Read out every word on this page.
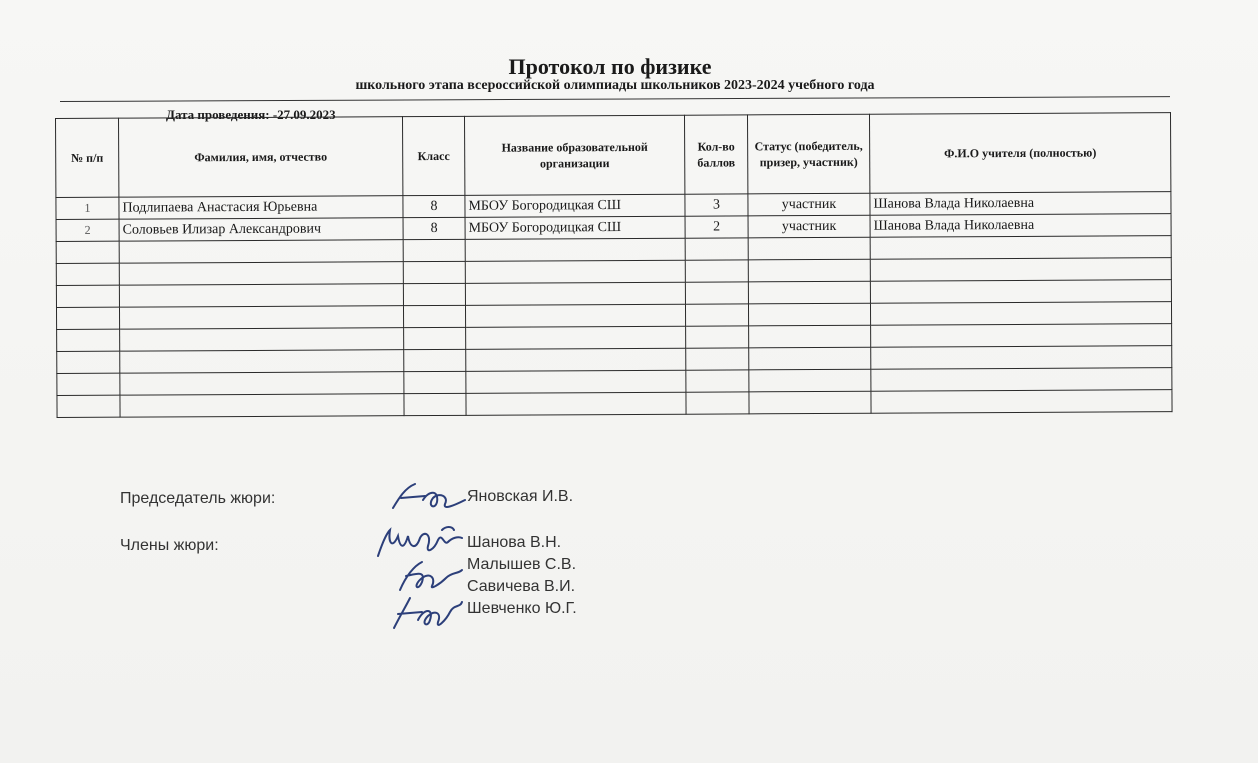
Протокол по физике
школьного этапа всероссийской олимпиады школьников 2023-2024 учебного года
Дата проведения: -27.09.2023
№ п/п	Фамилия, имя, отчество	Класс	Название образовательной организации	Кол-во баллов	Статус (победитель, призер, участник)	Ф.И.О учителя (полностью)
1	Подлипаева Анастасия Юрьевна	8	МБОУ Богородицкая СШ	3	участник	Шанова Влада Николаевна
2	Соловьев Илизар Александрович	8	МБОУ Богородицкая СШ	2	участник	Шанова Влада Николаевна

Председатель жюри:	Яновская И.В.
Члены жюри:	Шанова В.Н.
Малышев С.В.
Савичева В.И.
Шевченко Ю.Г.
